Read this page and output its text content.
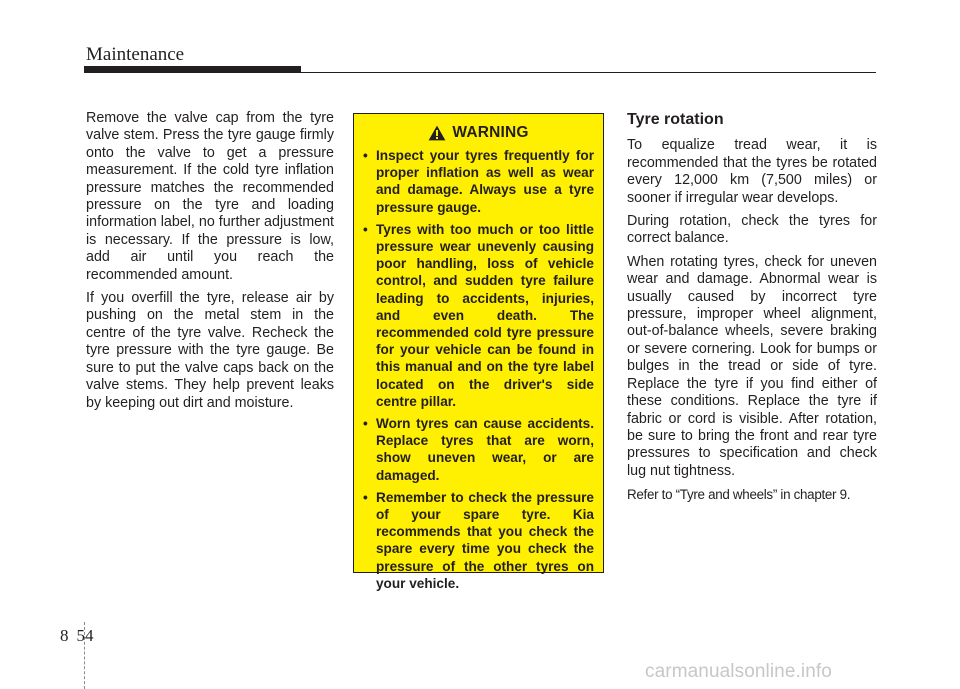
Maintenance

Remove the valve cap from the tyre valve stem. Press the tyre gauge firmly onto the valve to get a pressure measurement. If the cold tyre inflation pressure matches the recommended pressure on the tyre and loading information label, no further adjustment is necessary. If the pressure is low, add air until you reach the recommended amount.

If you overfill the tyre, release air by pushing on the metal stem in the centre of the tyre valve. Recheck the tyre pressure with the tyre gauge. Be sure to put the valve caps back on the valve stems. They help prevent leaks by keeping out dirt and moisture.

WARNING
• Inspect your tyres frequently for proper inflation as well as wear and damage. Always use a tyre pressure gauge.
• Tyres with too much or too little pressure wear unevenly causing poor handling, loss of vehicle control, and sudden tyre failure leading to accidents, injuries, and even death. The recommended cold tyre pressure for your vehicle can be found in this manual and on the tyre label located on the driver's side centre pillar.
• Worn tyres can cause accidents. Replace tyres that are worn, show uneven wear, or are damaged.
• Remember to check the pressure of your spare tyre. Kia recommends that you check the spare every time you check the pressure of the other tyres on your vehicle.
Tyre rotation

To equalize tread wear, it is recommended that the tyres be rotated every 12,000 km (7,500 miles) or sooner if irregular wear develops.

During rotation, check the tyres for correct balance.

When rotating tyres, check for uneven wear and damage. Abnormal wear is usually caused by incorrect tyre pressure, improper wheel alignment, out-of-balance wheels, severe braking or severe cornering. Look for bumps or bulges in the tread or side of tyre. Replace the tyre if you find either of these conditions. Replace the tyre if fabric or cord is visible. After rotation, be sure to bring the front and rear tyre pressures to specification and check lug nut tightness.

Refer to “Tyre and wheels” in chapter 9.

8 54
carmanualsonline.info
